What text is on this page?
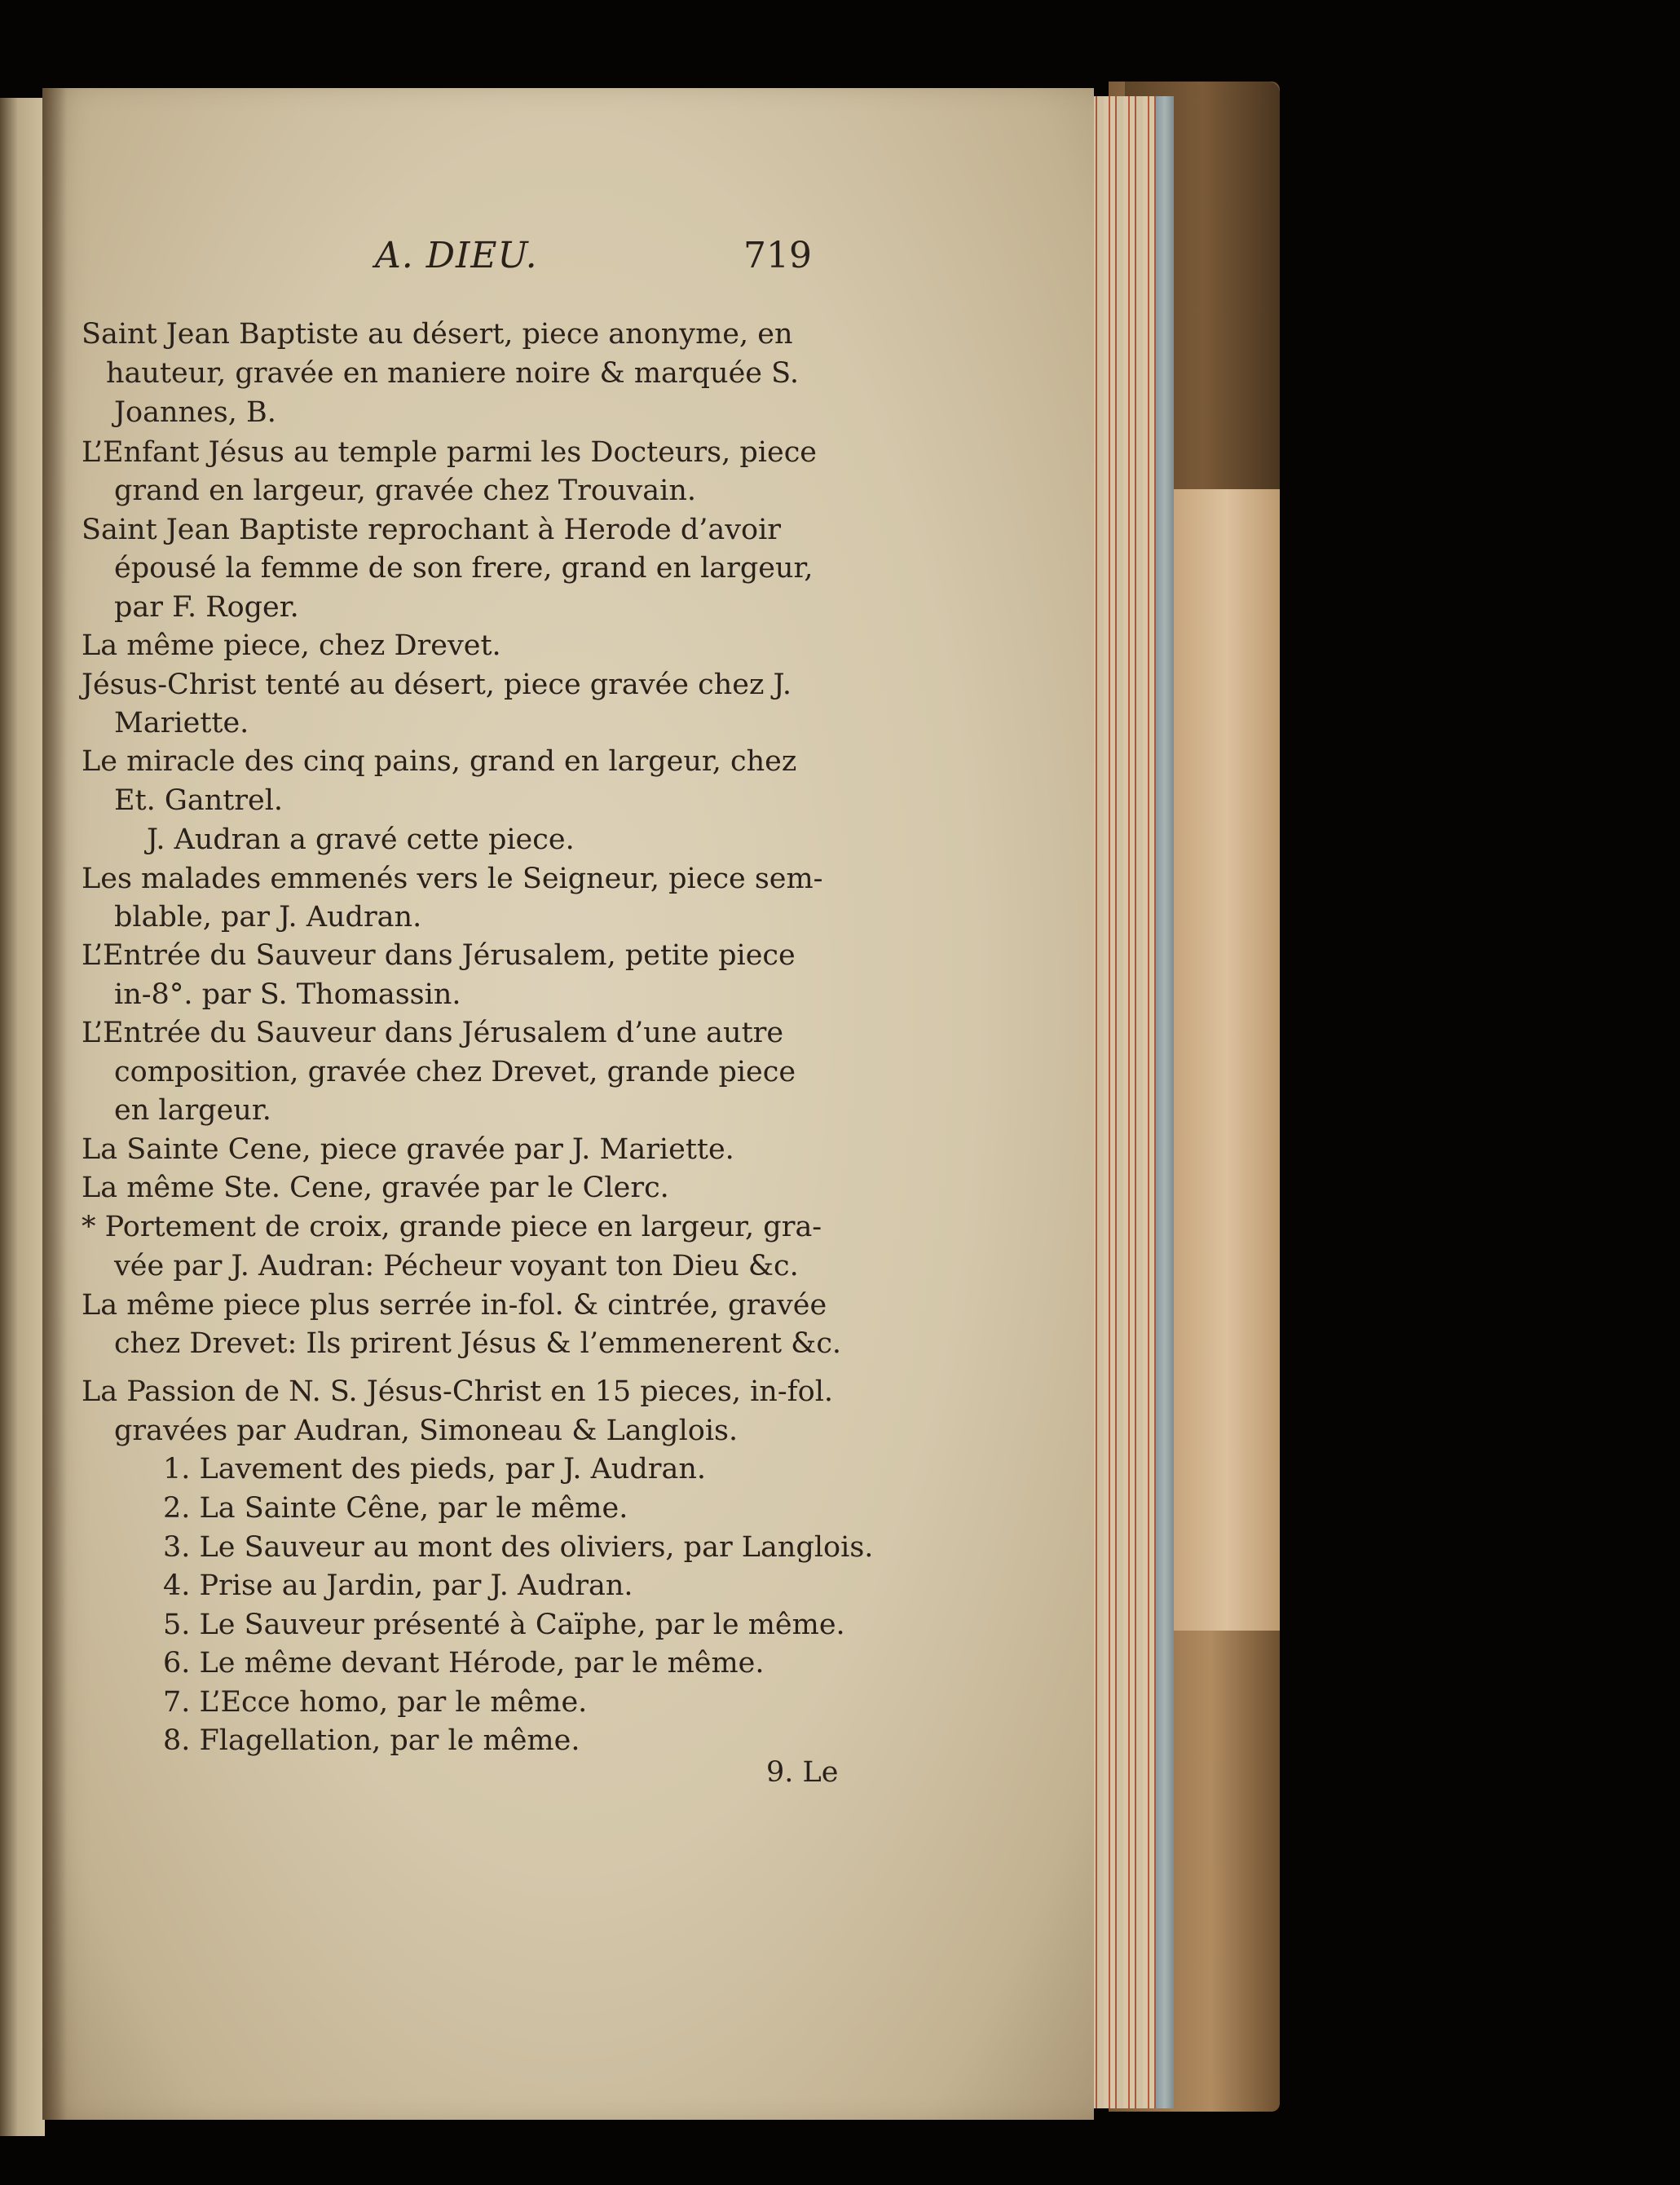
A. DIEU.	719
Saint Jean Baptiste au désert, piece anonyme, en
hauteur, gravée en maniere noire & marquée S.
Joannes, B.
L’Enfant Jésus au temple parmi les Docteurs, piece
grand en largeur, gravée chez Trouvain.
Saint Jean Baptiste reprochant à Herode d’avoir
épousé la femme de son frere, grand en largeur,
par F. Roger.
La même piece, chez Drevet.
Jésus-Christ tenté au désert, piece gravée chez J.
Mariette.
Le miracle des cinq pains, grand en largeur, chez
Et. Gantrel.
J. Audran a gravé cette piece.
Les malades emmenés vers le Seigneur, piece sem-
blable, par J. Audran.
L’Entrée du Sauveur dans Jérusalem, petite piece
in-8°. par S. Thomassin.
L’Entrée du Sauveur dans Jérusalem d’une autre
composition, gravée chez Drevet, grande piece
en largeur.
La Sainte Cene, piece gravée par J. Mariette.
La même Ste. Cene, gravée par le Clerc.
* Portement de croix, grande piece en largeur, gra-
vée par J. Audran: Pécheur voyant ton Dieu &c.
La même piece plus serrée in-fol. & cintrée, gravée
chez Drevet: Ils prirent Jésus & l’emmenerent &c.
La Passion de N. S. Jésus-Christ en 15 pieces, in-fol.
gravées par Audran, Simoneau & Langlois.
1. Lavement des pieds, par J. Audran.
2. La Sainte Cêne, par le même.
3. Le Sauveur au mont des oliviers, par Langlois.
4. Prise au Jardin, par J. Audran.
5. Le Sauveur présenté à Caïphe, par le même.
6. Le même devant Hérode, par le même.
7. L’Ecce homo, par le même.
8. Flagellation, par le même.
9. Le
